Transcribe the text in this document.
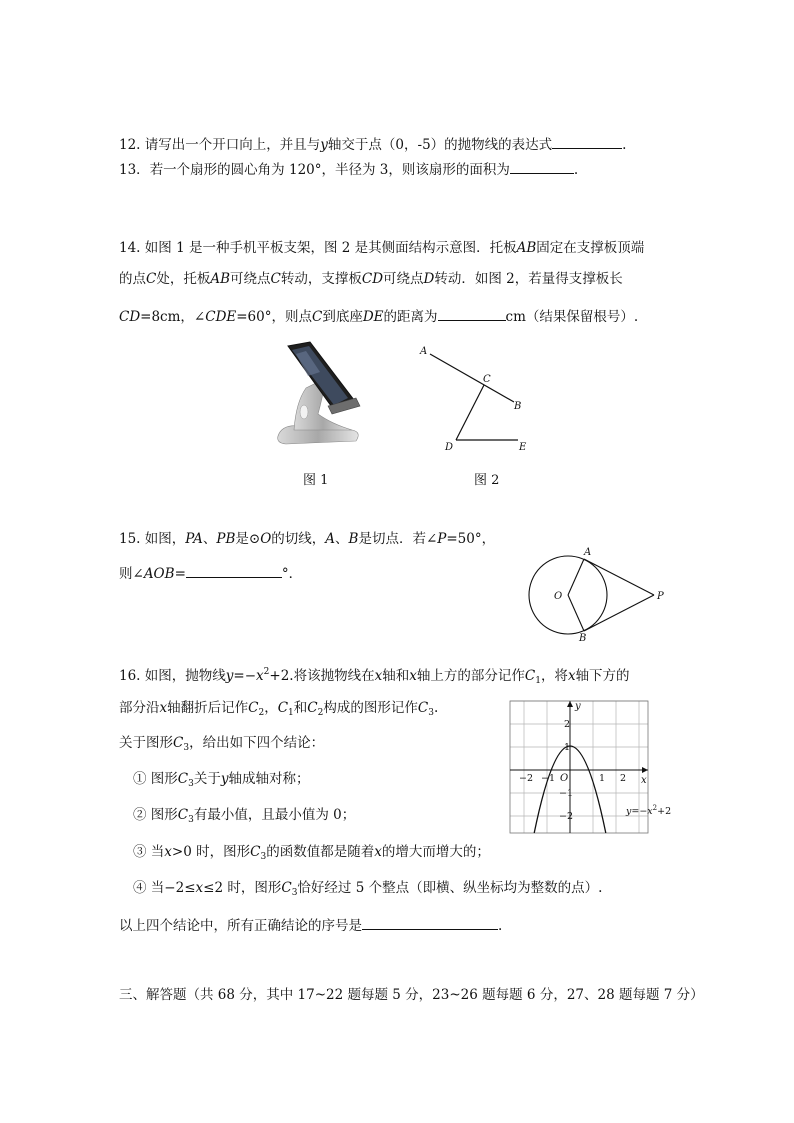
12. 请写出一个开口向上，并且与y轴交于点（0，-5）的抛物线的表达式	.
13．若一个扇形的圆心角为 120°，半径为 3，则该扇形的面积为	.
14. 如图 1 是一种手机平板支架，图 2 是其侧面结构示意图．托板AB固定在支撑板顶端
的点C处，托板AB可绕点C转动，支撑板CD可绕点D转动．如图 2，若量得支撑板长
CD=8cm，∠CDE=60°，则点C到底座DE的距离为	cm（结果保留根号）.
图 1
A
C
B
D	E
图 2
15. 如图，PA、PB是⊙O的切线，A、B是切点．若∠P=50°，
则∠AOB=	°．
A
B
O	P
16. 如图，抛物线$y=-x^2+2$.将该抛物线在x轴和x轴上方的部分记作$C_1$，将x轴下方的
部分沿x轴翻折后记作$C_2$，$C_1$和$C_2$构成的图形记作$C_3$.
关于图形$C_3$，给出如下四个结论：
① 图形$C_3$关于y轴成轴对称；
② 图形$C_3$有最小值，且最小值为 0；
③ 当x>0 时，图形$C_3$的函数值都是随着x的增大而增大的；
④ 当−2≤x≤2 时，图形$C_3$恰好经过 5 个整点（即横、纵坐标均为整数的点）.
以上四个结论中，所有正确结论的序号是	.
y
x
O
−2 −1	1 2
2
1
−1
−2	$y=-x^2+2$
三、解答题（共 68 分，其中 17~22 题每题 5 分，23~26 题每题 6 分，27、28 题每题 7 分）
